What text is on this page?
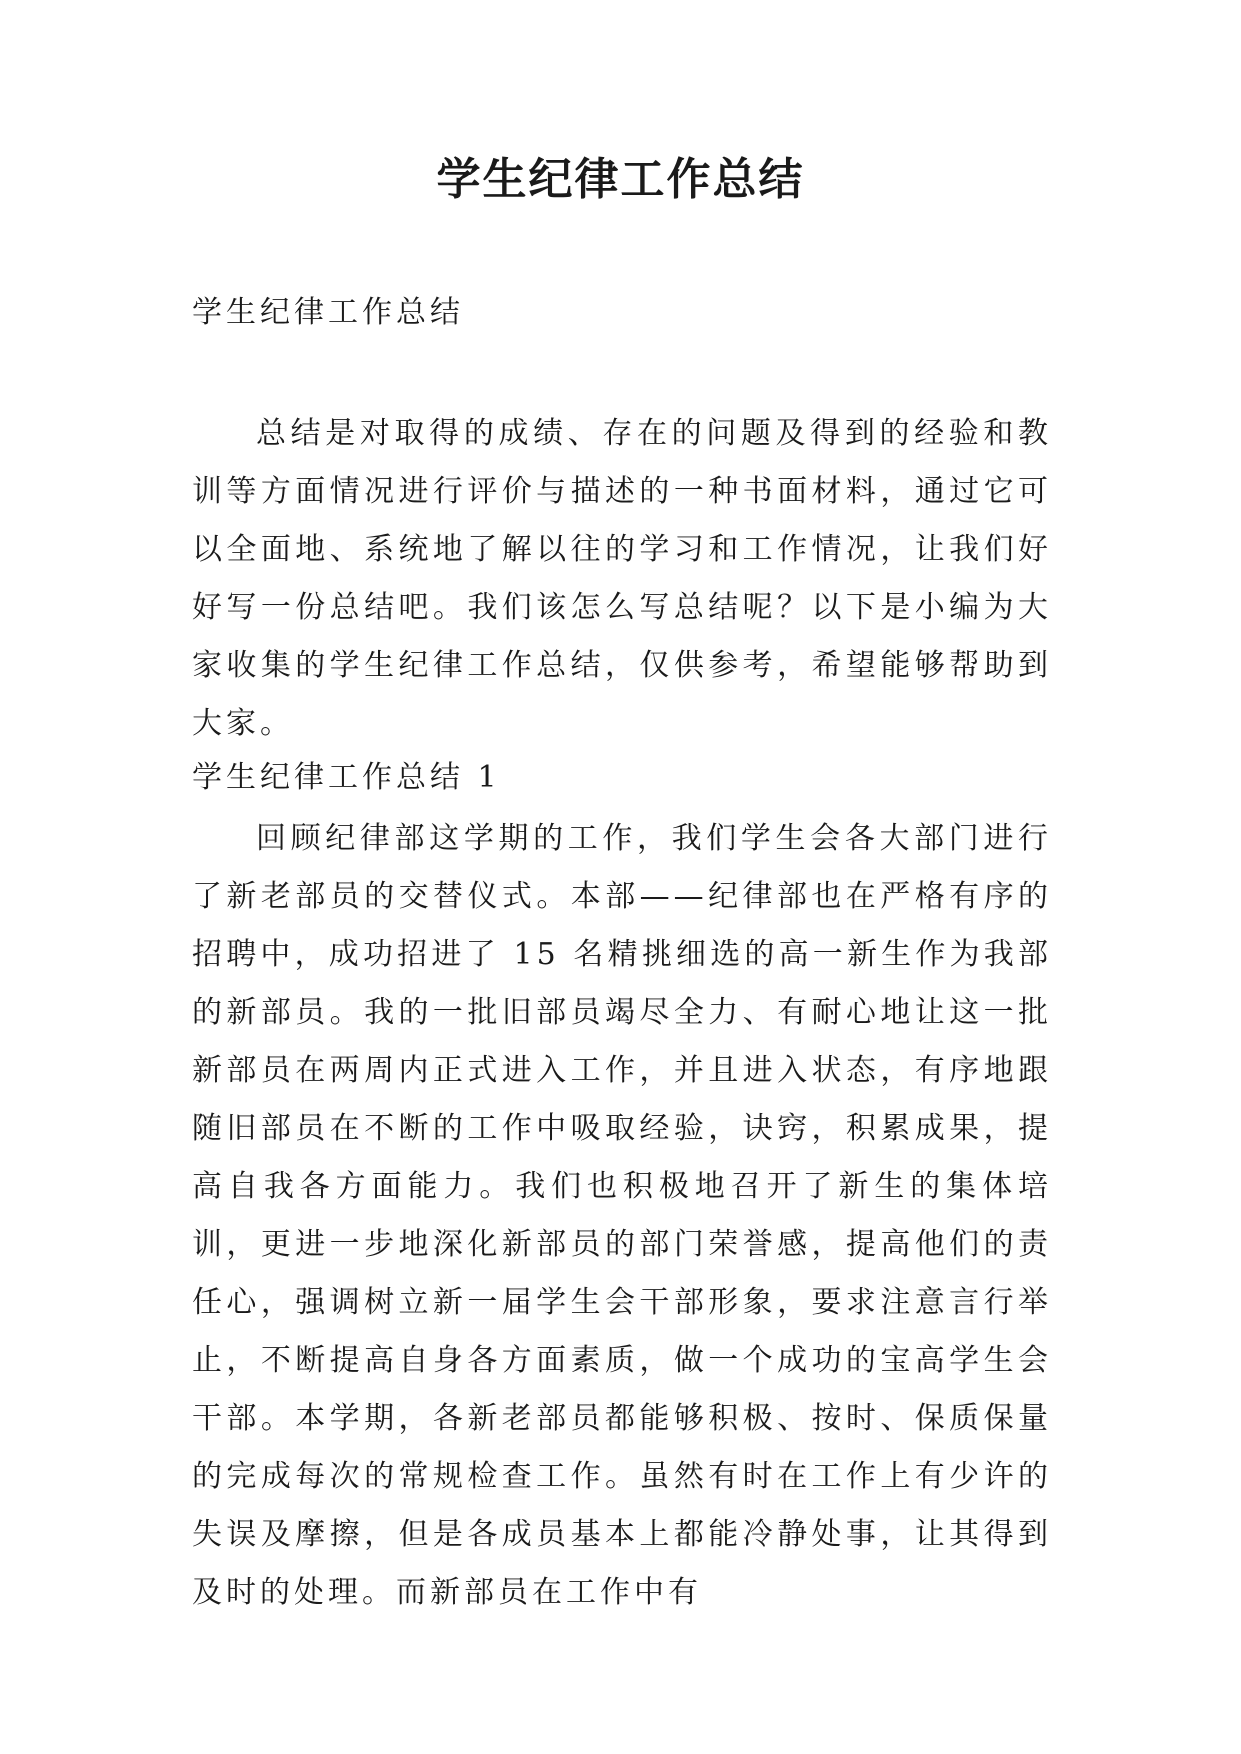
学生纪律工作总结

学生纪律工作总结

总结是对取得的成绩、存在的问题及得到的经验和教训等方面情况进行评价与描述的一种书面材料，通过它可以全面地、系统地了解以往的学习和工作情况，让我们好好写一份总结吧。我们该怎么写总结呢？以下是小编为大家收集的学生纪律工作总结，仅供参考，希望能够帮助到大家。

学生纪律工作总结 1

回顾纪律部这学期的工作，我们学生会各大部门进行了新老部员的交替仪式。本部——纪律部也在严格有序的招聘中，成功招进了 15 名精挑细选的高一新生作为我部的新部员。我的一批旧部员竭尽全力、有耐心地让这一批新部员在两周内正式进入工作，并且进入状态，有序地跟随旧部员在不断的工作中吸取经验，诀窍，积累成果，提高自我各方面能力。我们也积极地召开了新生的集体培训，更进一步地深化新部员的部门荣誉感，提高他们的责任心，强调树立新一届学生会干部形象，要求注意言行举止，不断提高自身各方面素质，做一个成功的宝高学生会干部。本学期，各新老部员都能够积极、按时、保质保量的完成每次的常规检查工作。虽然有时在工作上有少许的失误及摩擦，但是各成员基本上都能冷静处事，让其得到及时的处理。而新部员在工作中有
